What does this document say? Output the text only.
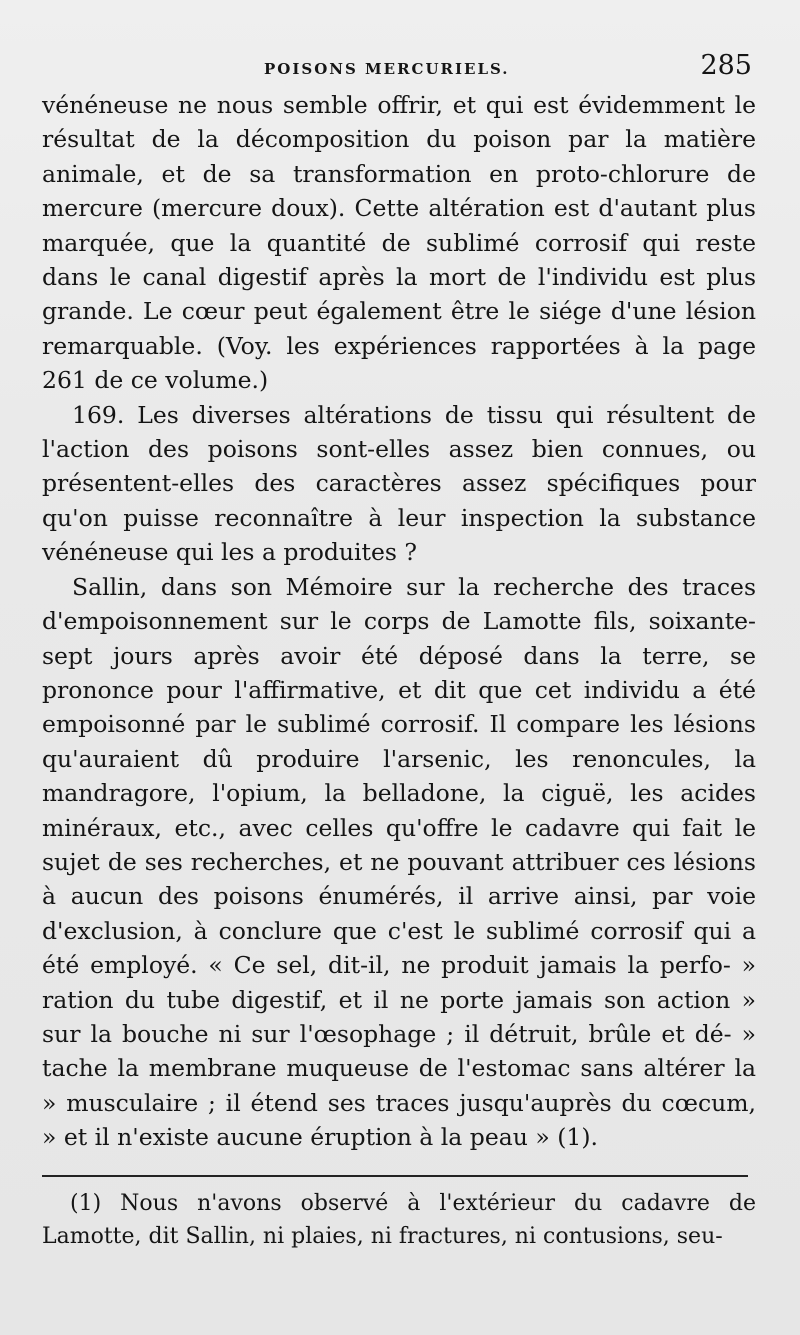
POISONS MERCURIELS.	285

vénéneuse ne nous semble offrir, et qui est évidemment le résultat de la décomposition du poison par la matière animale, et de sa transformation en proto-chlorure de mercure (mercure doux). Cette altération est d'autant plus marquée, que la quantité de sublimé corrosif qui reste dans le canal digestif après la mort de l'individu est plus grande. Le cœur peut également être le siége d'une lésion remarquable. (Voy. les expériences rapportées à la page 261 de ce volume.)

169. Les diverses altérations de tissu qui résultent de l'action des poisons sont-elles assez bien connues, ou présentent-elles des caractères assez spécifiques pour qu'on puisse reconnaître à leur inspection la substance vénéneuse qui les a produites ?

Sallin, dans son Mémoire sur la recherche des traces d'empoisonnement sur le corps de Lamotte fils, soixante-sept jours après avoir été déposé dans la terre, se prononce pour l'affirmative, et dit que cet individu a été empoisonné par le sublimé corrosif. Il compare les lésions qu'auraient dû produire l'arsenic, les renoncules, la mandragore, l'opium, la belladone, la ciguë, les acides minéraux, etc., avec celles qu'offre le cadavre qui fait le sujet de ses recherches, et ne pouvant attribuer ces lésions à aucun des poisons énumérés, il arrive ainsi, par voie d'exclusion, à conclure que c'est le sublimé corrosif qui a été employé. « Ce sel, dit-il, ne produit jamais la perfo- » ration du tube digestif, et il ne porte jamais son action » sur la bouche ni sur l'œsophage ; il détruit, brûle et dé- » tache la membrane muqueuse de l'estomac sans altérer la » musculaire ; il étend ses traces jusqu'auprès du cœcum, » et il n'existe aucune éruption à la peau » (1).

(1) Nous n'avons observé à l'extérieur du cadavre de Lamotte, dit Sallin, ni plaies, ni fractures, ni contusions, seu-
